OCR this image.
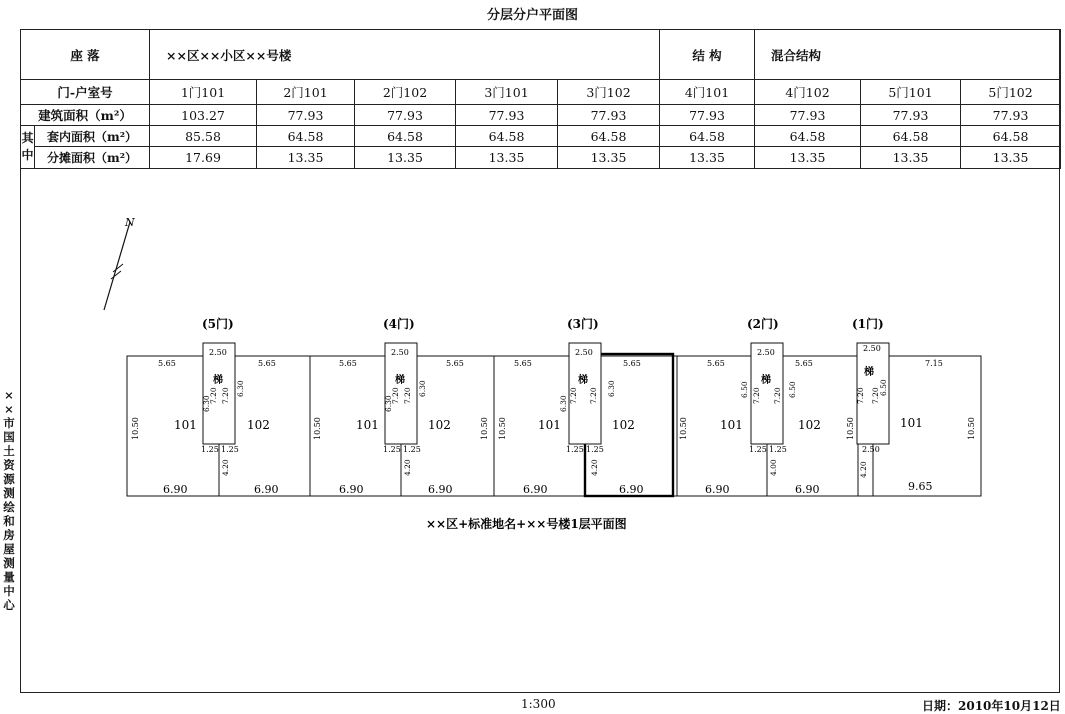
分层分户平面图
××市国土资源测绘和房屋测量中心
座 落		××区××小区××号楼					结 构	混合结构		
门-户室号		1门101	2门101	2门102	3门101	3门102	4门101	4门102	5门101	5门102
建筑面积（m²）		103.27	77.93	77.93	77.93	77.93	77.93	77.93	77.93	77.93
其中	套内面积（m²）	85.58	64.58	64.58	64.58	64.58	64.58	64.58	64.58	64.58
	分摊面积（m²）	17.69	13.35	13.35	13.35	13.35	13.35	13.35	13.35	13.35
N
(5门)	(4门)	(3门)	(2门)	(1门)
2.50	2.50	2.50	2.50	2.50
梯	梯	梯	梯
梯
5.65	5.65	5.65	5.65	5.65	5.65	5.65	5.65	7.15
10.50	10.50	10.50 10.50	10.50	10.50	10.50
6.30
7.20 7.20 6.30
6.30
7.20 7.20 6.30
6.30 7.20 7.20 6.30	6.50 7.20 7.20 6.50	7.20 7.20 6.50
101	102	101	102	101	102	101	102	101
1.25 1.25	1.25 1.25	1.25 1.25	1.25 1.25	2.50
4.20	4.20	4.20	4.00	4.20
6.90	6.90	6.90	6.90	6.90	6.90	6.90	6.90	9.65
××区+标准地名+××号楼1层平面图
1:300	日期：2010年10月12日
